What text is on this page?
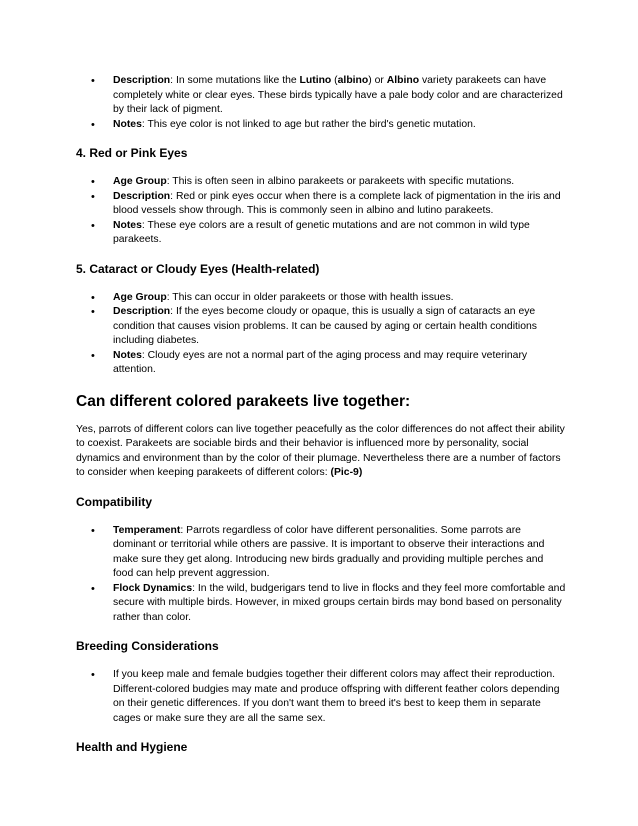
• Description: In some mutations like the Lutino (albino) or Albino variety parakeets can have completely white or clear eyes. These birds typically have a pale body color and are characterized by their lack of pigment.
• Notes: This eye color is not linked to age but rather the bird's genetic mutation.
4. Red or Pink Eyes
• Age Group: This is often seen in albino parakeets or parakeets with specific mutations.
• Description: Red or pink eyes occur when there is a complete lack of pigmentation in the iris and blood vessels show through. This is commonly seen in albino and lutino parakeets.
• Notes: These eye colors are a result of genetic mutations and are not common in wild type parakeets.
5. Cataract or Cloudy Eyes (Health-related)
• Age Group: This can occur in older parakeets or those with health issues.
• Description: If the eyes become cloudy or opaque, this is usually a sign of cataracts an eye condition that causes vision problems. It can be caused by aging or certain health conditions including diabetes.
• Notes: Cloudy eyes are not a normal part of the aging process and may require veterinary attention.
Can different colored parakeets live together:
Yes, parrots of different colors can live together peacefully as the color differences do not affect their ability to coexist. Parakeets are sociable birds and their behavior is influenced more by personality, social dynamics and environment than by the color of their plumage. Nevertheless there are a number of factors to consider when keeping parakeets of different colors: (Pic-9)
Compatibility
• Temperament: Parrots regardless of color have different personalities. Some parrots are dominant or territorial while others are passive. It is important to observe their interactions and make sure they get along. Introducing new birds gradually and providing multiple perches and food can help prevent aggression.
• Flock Dynamics: In the wild, budgerigars tend to live in flocks and they feel more comfortable and secure with multiple birds. However, in mixed groups certain birds may bond based on personality rather than color.
Breeding Considerations
• If you keep male and female budgies together their different colors may affect their reproduction. Different-colored budgies may mate and produce offspring with different feather colors depending on their genetic differences. If you don't want them to breed it's best to keep them in separate cages or make sure they are all the same sex.
Health and Hygiene
